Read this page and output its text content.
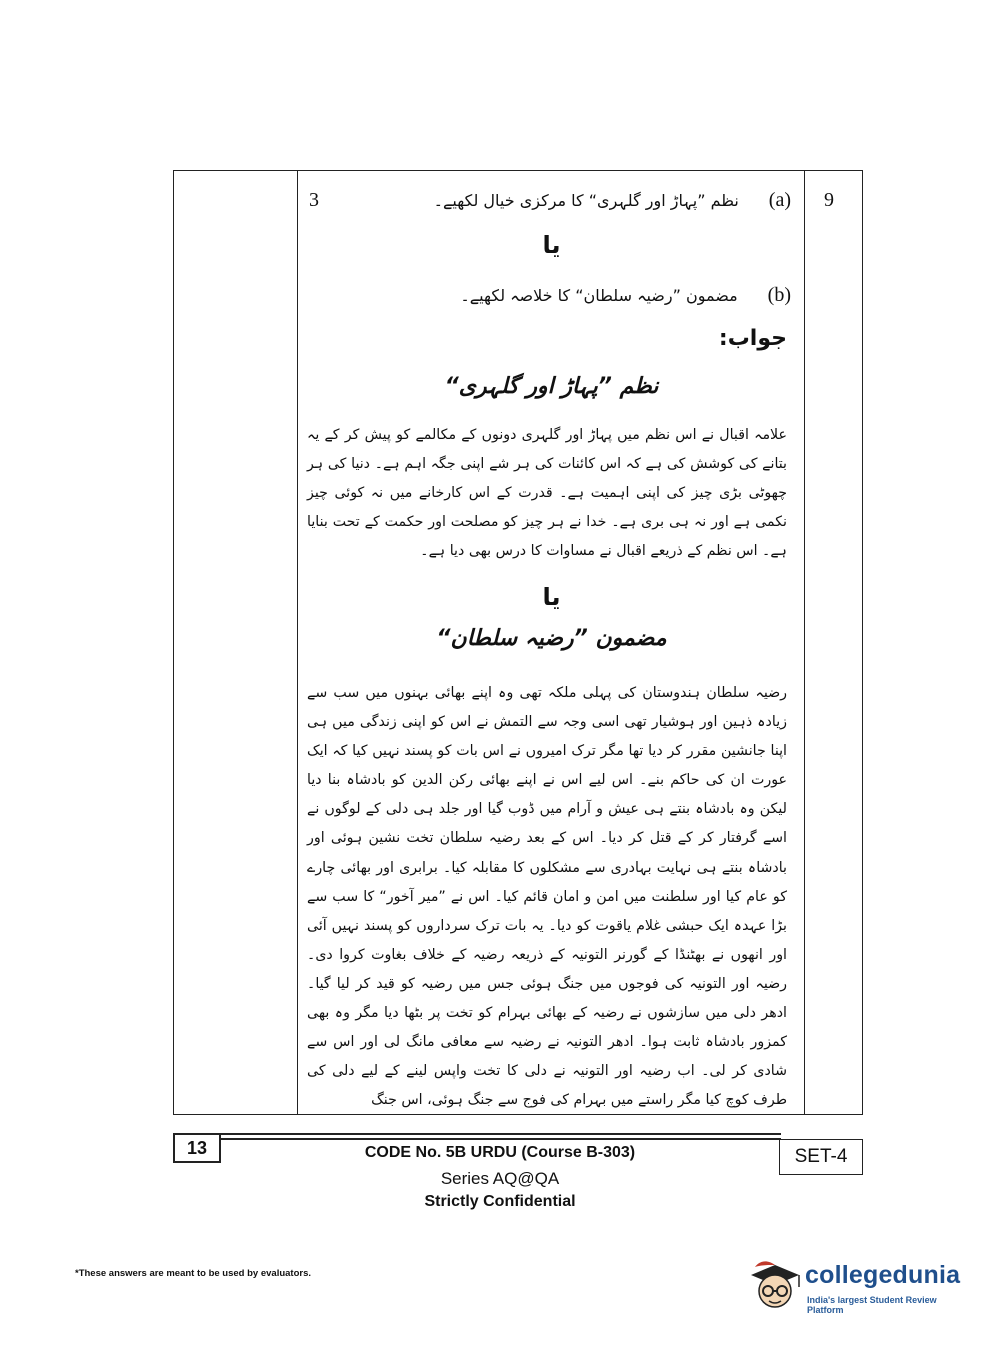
3	9
(a)نظم ”پہاڑ اور گلہری“ کا مرکزی خیال لکھیے۔
یا
(b)مضمون ”رضیہ سلطان“ کا خلاصہ لکھیے۔
جواب:
نظم ”پہاڑ اور گلہری“
علامہ اقبال نے اس نظم میں پہاڑ اور گلہری دونوں کے مکالمے کو پیش کر کے یہ بتانے کی کوشش کی ہے کہ اس کائنات کی ہر شے اپنی جگہ اہم ہے۔ دنیا کی ہر چھوٹی بڑی چیز کی اپنی اہمیت ہے۔ قدرت کے اس کارخانے میں نہ کوئی چیز نکمی ہے اور نہ ہی بری ہے۔ خدا نے ہر چیز کو مصلحت اور حکمت کے تحت بنایا ہے۔ اس نظم کے ذریعے اقبال نے مساوات کا درس بھی دیا ہے۔
یا
مضمون ”رضیہ سلطان“
رضیہ سلطان ہندوستان کی پہلی ملکہ تھی وہ اپنے بھائی بہنوں میں سب سے زیادہ ذہین اور ہوشیار تھی اسی وجہ سے التمش نے اس کو اپنی زندگی میں ہی اپنا جانشین مقرر کر دیا تھا مگر ترک امیروں نے اس بات کو پسند نہیں کیا کہ ایک عورت ان کی حاکم بنے۔ اس لیے اس نے اپنے بھائی رکن الدین کو بادشاہ بنا دیا لیکن وہ بادشاہ بنتے ہی عیش و آرام میں ڈوب گیا اور جلد ہی دلی کے لوگوں نے اسے گرفتار کر کے قتل کر دیا۔ اس کے بعد رضیہ سلطان تخت نشین ہوئی اور بادشاہ بنتے ہی نہایت بہادری سے مشکلوں کا مقابلہ کیا۔ برابری اور بھائی چارے کو عام کیا اور سلطنت میں امن و امان قائم کیا۔ اس نے ”میر آخور“ کا سب سے بڑا عہدہ ایک حبشی غلام یاقوت کو دیا۔ یہ بات ترک سرداروں کو پسند نہیں آئی اور انھوں نے بھٹنڈا کے گورنر التونیہ کے ذریعہ رضیہ کے خلاف بغاوت کروا دی۔ رضیہ اور التونیہ کی فوجوں میں جنگ ہوئی جس میں رضیہ کو قید کر لیا گیا۔ ادھر دلی میں سازشوں نے رضیہ کے بھائی بہرام کو تخت پر بٹھا دیا مگر وہ بھی کمزور بادشاہ ثابت ہوا۔ ادھر التونیہ نے رضیہ سے معافی مانگ لی اور اس سے شادی کر لی۔ اب رضیہ اور التونیہ نے دلی کا تخت واپس لینے کے لیے دلی کی طرف کوچ کیا مگر راستے میں بہرام کی فوج سے جنگ ہوئی، اس جنگ
13	CODE No. 5B URDU (Course B-303)
Series AQ@QA
Strictly Confidential
SET-4
*These answers are meant to be used by evaluators.	collegedunia
India's largest Student Review Platform
